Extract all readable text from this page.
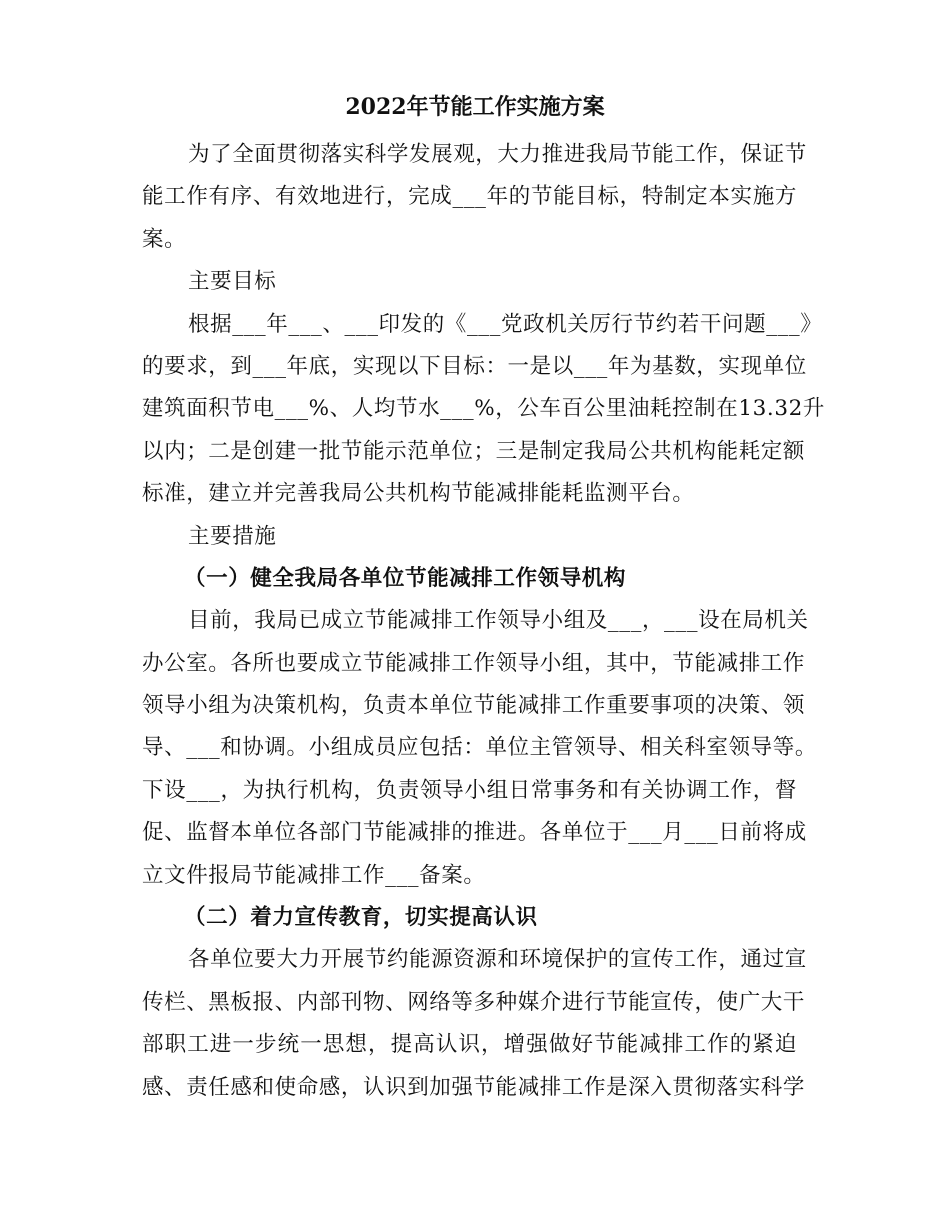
2022年节能工作实施方案
为了全面贯彻落实科学发展观，大力推进我局节能工作，保证节
能工作有序、有效地进行，完成___年的节能目标，特制定本实施方
案。
主要目标
根据___年___、___印发的《___党政机关厉行节约若干问题___》
的要求，到___年底，实现以下目标：一是以___年为基数，实现单位
建筑面积节电___%、人均节水___%，公车百公里油耗控制在13.32升
以内；二是创建一批节能示范单位；三是制定我局公共机构能耗定额
标准，建立并完善我局公共机构节能减排能耗监测平台。
主要措施
（一）健全我局各单位节能减排工作领导机构
目前，我局已成立节能减排工作领导小组及___，___设在局机关
办公室。各所也要成立节能减排工作领导小组，其中，节能减排工作
领导小组为决策机构，负责本单位节能减排工作重要事项的决策、领
导、___和协调。小组成员应包括：单位主管领导、相关科室领导等。
下设___，为执行机构，负责领导小组日常事务和有关协调工作，督
促、监督本单位各部门节能减排的推进。各单位于___月___日前将成
立文件报局节能减排工作___备案。
（二）着力宣传教育，切实提高认识
各单位要大力开展节约能源资源和环境保护的宣传工作，通过宣
传栏、黑板报、内部刊物、网络等多种媒介进行节能宣传，使广大干
部职工进一步统一思想，提高认识，增强做好节能减排工作的紧迫
感、责任感和使命感，认识到加强节能减排工作是深入贯彻落实科学
